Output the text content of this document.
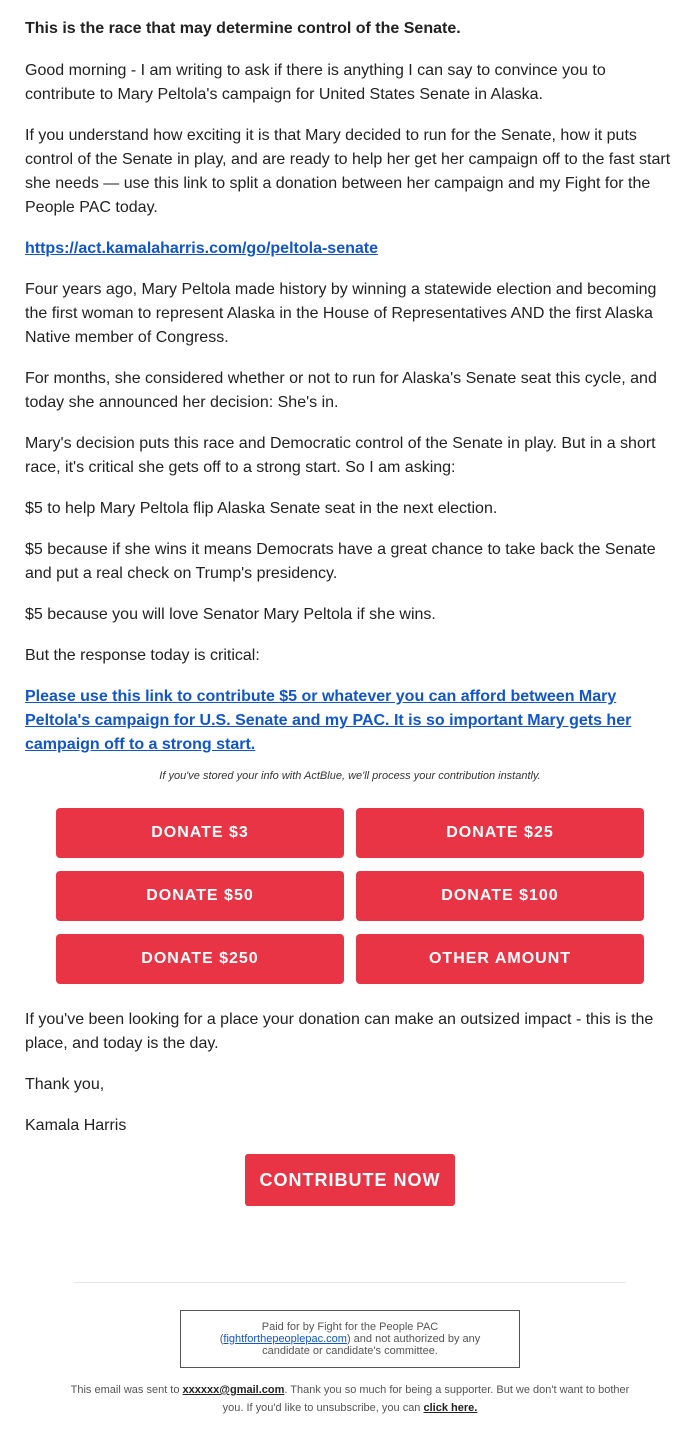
This is the race that may determine control of the Senate.

Good morning - I am writing to ask if there is anything I can say to convince you to contribute to Mary Peltola's campaign for United States Senate in Alaska.

If you understand how exciting it is that Mary decided to run for the Senate, how it puts control of the Senate in play, and are ready to help her get her campaign off to the fast start she needs — use this link to split a donation between her campaign and my Fight for the People PAC today.

https://act.kamalaharris.com/go/peltola-senate

Four years ago, Mary Peltola made history by winning a statewide election and becoming the first woman to represent Alaska in the House of Representatives AND the first Alaska Native member of Congress.

For months, she considered whether or not to run for Alaska's Senate seat this cycle, and today she announced her decision: She's in.

Mary's decision puts this race and Democratic control of the Senate in play. But in a short race, it's critical she gets off to a strong start. So I am asking:

$5 to help Mary Peltola flip Alaska Senate seat in the next election.

$5 because if she wins it means Democrats have a great chance to take back the Senate and put a real check on Trump's presidency.

$5 because you will love Senator Mary Peltola if she wins.

But the response today is critical:

Please use this link to contribute $5 or whatever you can afford between Mary Peltola's campaign for U.S. Senate and my PAC. It is so important Mary gets her campaign off to a strong start.
If you've stored your info with ActBlue, we'll process your contribution instantly.
DONATE $3	DONATE $25
DONATE $50	DONATE $100
DONATE $250	OTHER AMOUNT

If you've been looking for a place your donation can make an outsized impact - this is the place, and today is the day.

Thank you,

Kamala Harris

CONTRIBUTE NOW
Paid for by Fight for the People PAC
(fightforthepeoplepac.com) and not authorized by any
candidate or candidate's committee.
This email was sent to xxxxxx@gmail.com. Thank you so much for being a supporter. But we don't want to bother you. If you'd like to unsubscribe, you can click here.
